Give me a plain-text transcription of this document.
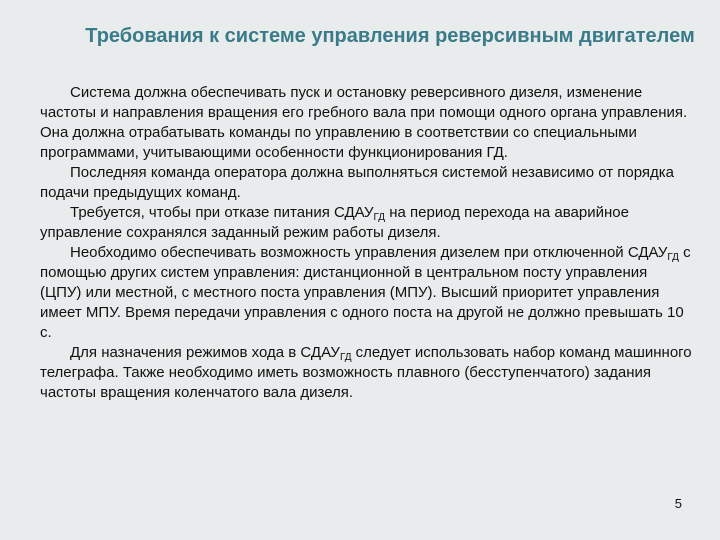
Требования к системе управления реверсивным двигателем

Система должна обеспечивать пуск и остановку реверсивного дизеля, изменение частоты и направления вращения его гребного вала при помощи одного органа управления. Она должна отрабатывать команды по управлению в соответствии со специальными программами, учитывающими особенности функционирования ГД.

Последняя команда оператора должна выполняться системой независимо от порядка подачи предыдущих команд.

Требуется, чтобы при отказе питания $СДАУ_{ГД}$ на период перехода на аварийное управление сохранялся заданный режим работы дизеля.

Необходимо обеспечивать возможность управления дизелем при отключенной $СДАУ_{ГД}$ с помощью других систем управления: дистанционной в центральном посту управления (ЦПУ) или местной, с местного поста управления (МПУ). Высший приоритет управления имеет МПУ. Время передачи управления с одного поста на другой не должно превышать 10 с.

Для назначения режимов хода в $СДАУ_{ГД}$ следует использовать набор команд машинного телеграфа. Также необходимо иметь возможность плавного (бесступенчатого) задания частоты вращения коленчатого вала дизеля.

5
